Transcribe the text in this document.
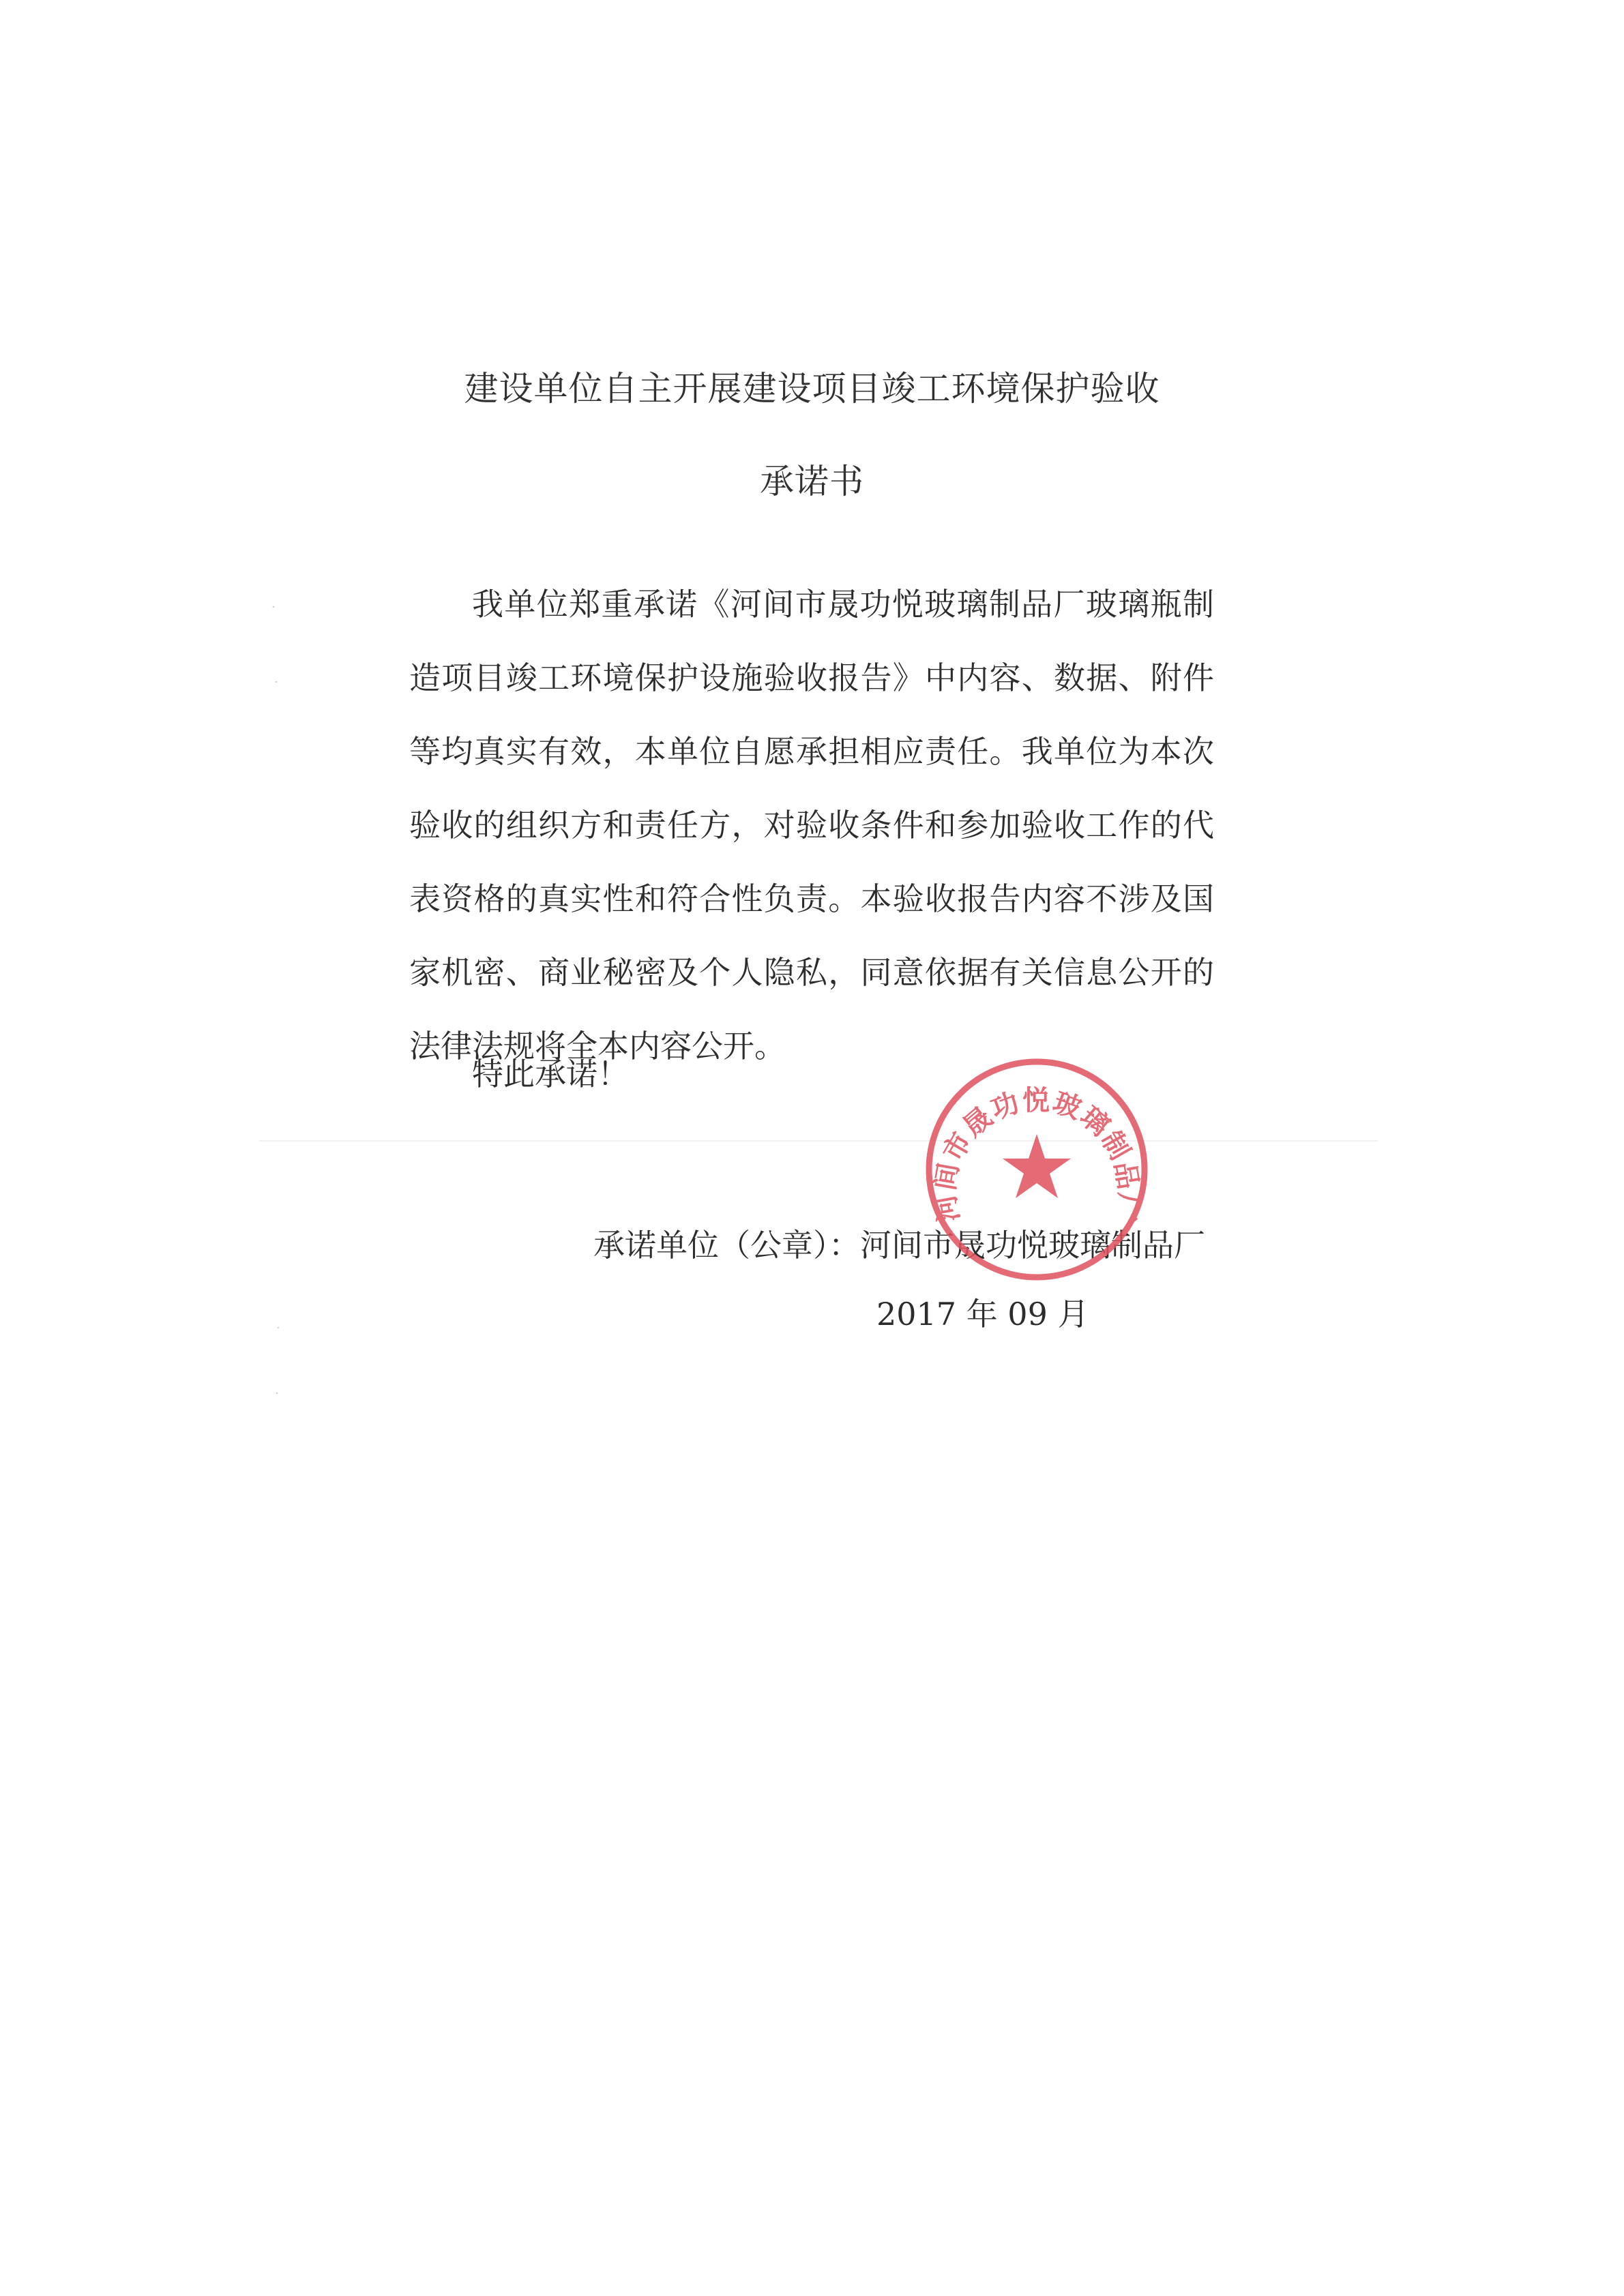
建设单位自主开展建设项目竣工环境保护验收
承诺书
我单位郑重承诺《河间市晟功悦玻璃制品厂玻璃瓶制造项目竣工环境保护设施验收报告》中内容、数据、附件等均真实有效，本单位自愿承担相应责任。我单位为本次验收的组织方和责任方，对验收条件和参加验收工作的代表资格的真实性和符合性负责。本验收报告内容不涉及国家机密、商业秘密及个人隐私，同意依据有关信息公开的法律法规将全本内容公开。
特此承诺！
承诺单位（公章）：河间市晟功悦玻璃制品厂
2017 年 09 月
·
·
·
·
河间市晟功悦玻璃制品厂
